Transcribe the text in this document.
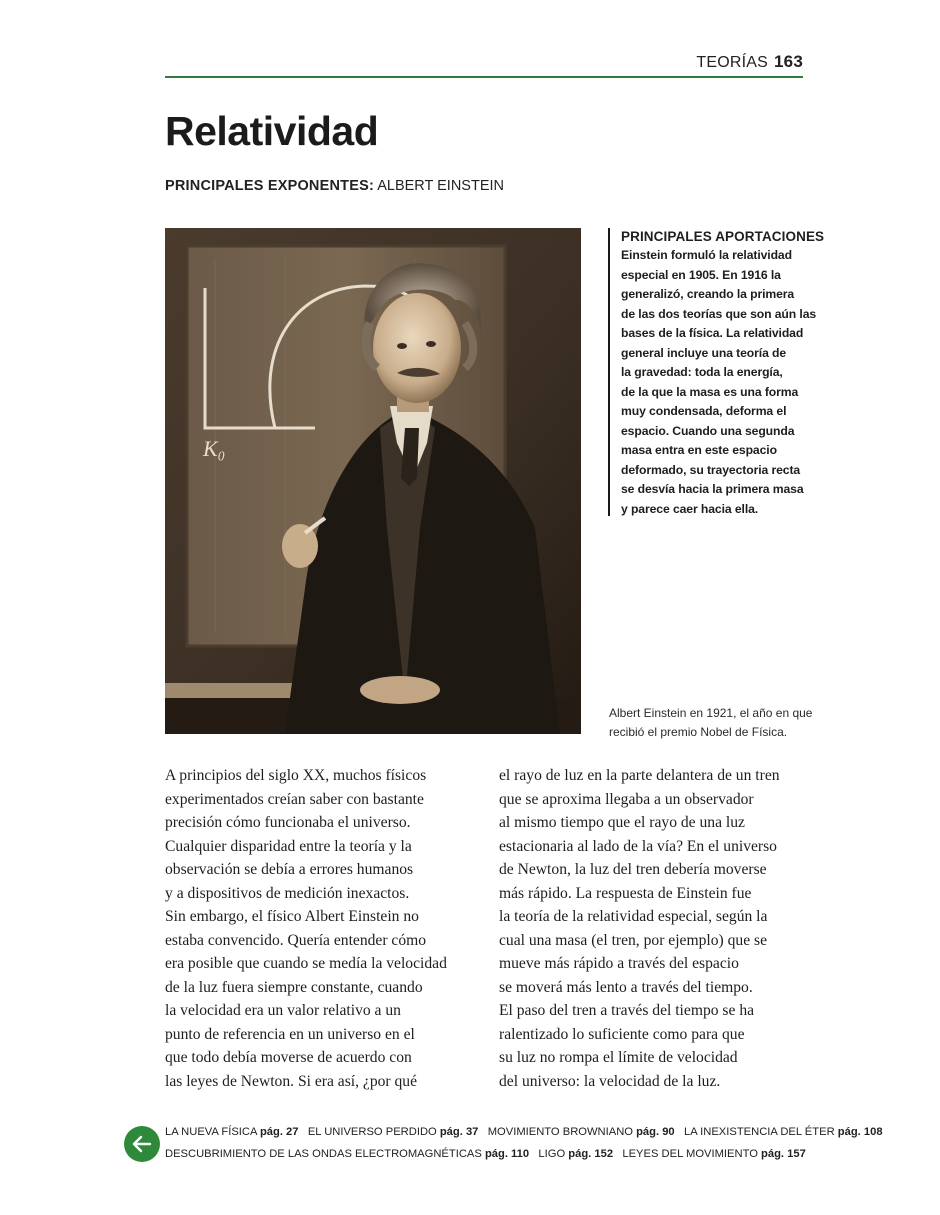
TEORÍAS 163
Relatividad
PRINCIPALES EXPONENTES: ALBERT EINSTEIN
K₀
PRINCIPALES APORTACIONES
Einstein formuló la relatividad
especial en 1905. En 1916 la
generalizó, creando la primera
de las dos teorías que son aún las
bases de la física. La relatividad
general incluye una teoría de
la gravedad: toda la energía,
de la que la masa es una forma
muy condensada, deforma el
espacio. Cuando una segunda
masa entra en este espacio
deformado, su trayectoria recta
se desvía hacia la primera masa
y parece caer hacia ella.
Albert Einstein en 1921, el año en que
recibió el premio Nobel de Física.
A principios del siglo XX, muchos físicos
experimentados creían saber con bastante
precisión cómo funcionaba el universo.
Cualquier disparidad entre la teoría y la
observación se debía a errores humanos
y a dispositivos de medición inexactos.
Sin embargo, el físico Albert Einstein no
estaba convencido. Quería entender cómo
era posible que cuando se medía la velocidad
de la luz fuera siempre constante, cuando
la velocidad era un valor relativo a un
punto de referencia en un universo en el
que todo debía moverse de acuerdo con
las leyes de Newton. Si era así, ¿por qué
el rayo de luz en la parte delantera de un tren
que se aproxima llegaba a un observador
al mismo tiempo que el rayo de una luz
estacionaria al lado de la vía? En el universo
de Newton, la luz del tren debería moverse
más rápido. La respuesta de Einstein fue
la teoría de la relatividad especial, según la
cual una masa (el tren, por ejemplo) que se
mueve más rápido a través del espacio
se moverá más lento a través del tiempo.
El paso del tren a través del tiempo se ha
ralentizado lo suficiente como para que
su luz no rompa el límite de velocidad
del universo: la velocidad de la luz.
LA NUEVA FÍSICA pág. 27 EL UNIVERSO PERDIDO pág. 37 MOVIMIENTO BROWNIANO pág. 90 LA INEXISTENCIA DEL ÉTER pág. 108
DESCUBRIMIENTO DE LAS ONDAS ELECTROMAGNÉTICAS pág. 110 LIGO pág. 152 LEYES DEL MOVIMIENTO pág. 157
